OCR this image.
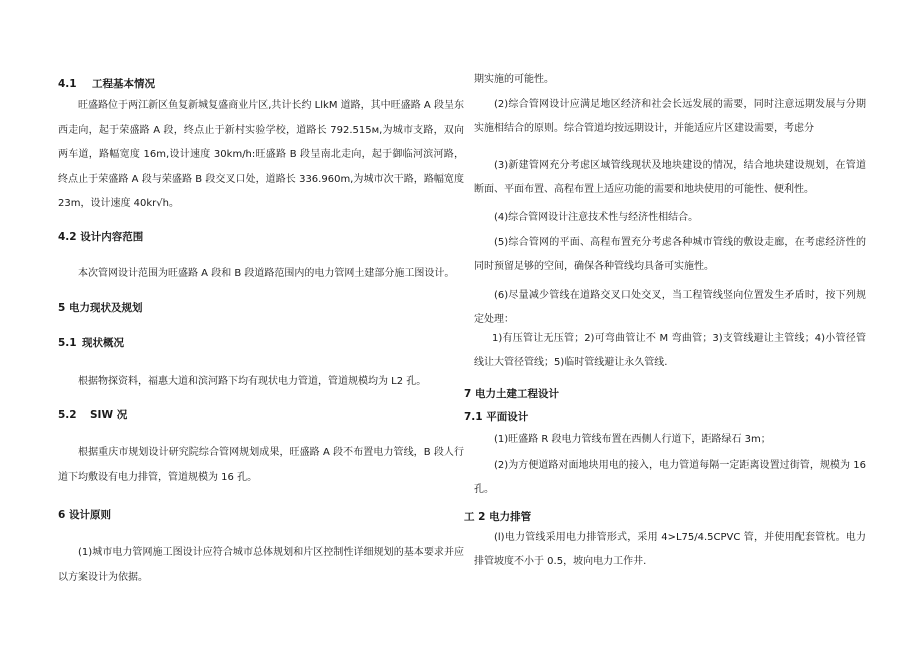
4.1 工程基本情况

旺盛路位于两江新区鱼复新城复盛商业片区,共计长约 LlkM 道路，其中旺盛路 A 段呈东西走向，起于荣盛路 A 段，终点止于新村实验学校，道路长 792.515м,为城市支路，双向两车道，路幅宽度 16m,设计速度 30km/h:旺盛路 B 段呈南北走向，起于御临河滨河路，终点止于荣盛路 A 段与荣盛路 B 段交叉口处，道路长 336.960m,为城市次干路，路幅宽度 23m，设计速度 40kr√h。

4.2 设计内容范围

本次管网设计范围为旺盛路 A 段和 B 段道路范围内的电力管网土建部分施工图设计。

5 电力现状及规划
5.1 现状概况

根据物探资料，福惠大道和滨河路下均有现状电力管道，管道规模均为 L2 孔。

5.2 SIW 况

根据重庆市规划设计研究院综合管网规划成果，旺盛路 A 段不布置电力管线，B 段人行道下均敷设有电力排管，管道规模为 16 孔。

6 设计原则

(1)城市电力管网施工图设计应符合城市总体规划和片区控制性详细规划的基本要求并应以方案设计为依据。

期实施的可能性。

(2)综合管网设计应满足地区经济和社会长远发展的需要，同时注意远期发展与分期实施相结合的原则。综合管道均按远期设计，并能适应片区建设需要，考虑分

(3)新建管网充分考虑区域管线现状及地块建设的情况，结合地块建设规划，在管道断面、平面布置、高程布置上适应功能的需要和地块使用的可能性、便利性。

(4)综合管网设计注意技术性与经济性相结合。

(5)综合管网的平面、高程布置充分考虑各种城市管线的敷设走廊，在考虑经济性的同时预留足够的空间，确保各种管线均具备可实施性。

(6)尽量减少管线在道路交叉口处交叉，当工程管线竖向位置发生矛盾时，按下列规定处理：

1)有压管让无压管；2)可弯曲管让不 M 弯曲管；3)支管线避让主管线；4)小管径管线让大管径管线；5)临时管线避让永久管线.

7 电力土建工程设计
7.1 平面设计

(1)旺盛路 R 段电力管线布置在西侧人行道下，距路绿石 3m；

(2)为方便道路对面地块用电的接入，电力管道每隔一定距离设置过街管，规模为 16 孔。

工 2 电力排管

(l)电力管线采用电力排管形式，采用 4>L75/4.5CPVC 管，并使用配套管枕。电力排管坡度不小于 0.5，坡向电力工作井.
